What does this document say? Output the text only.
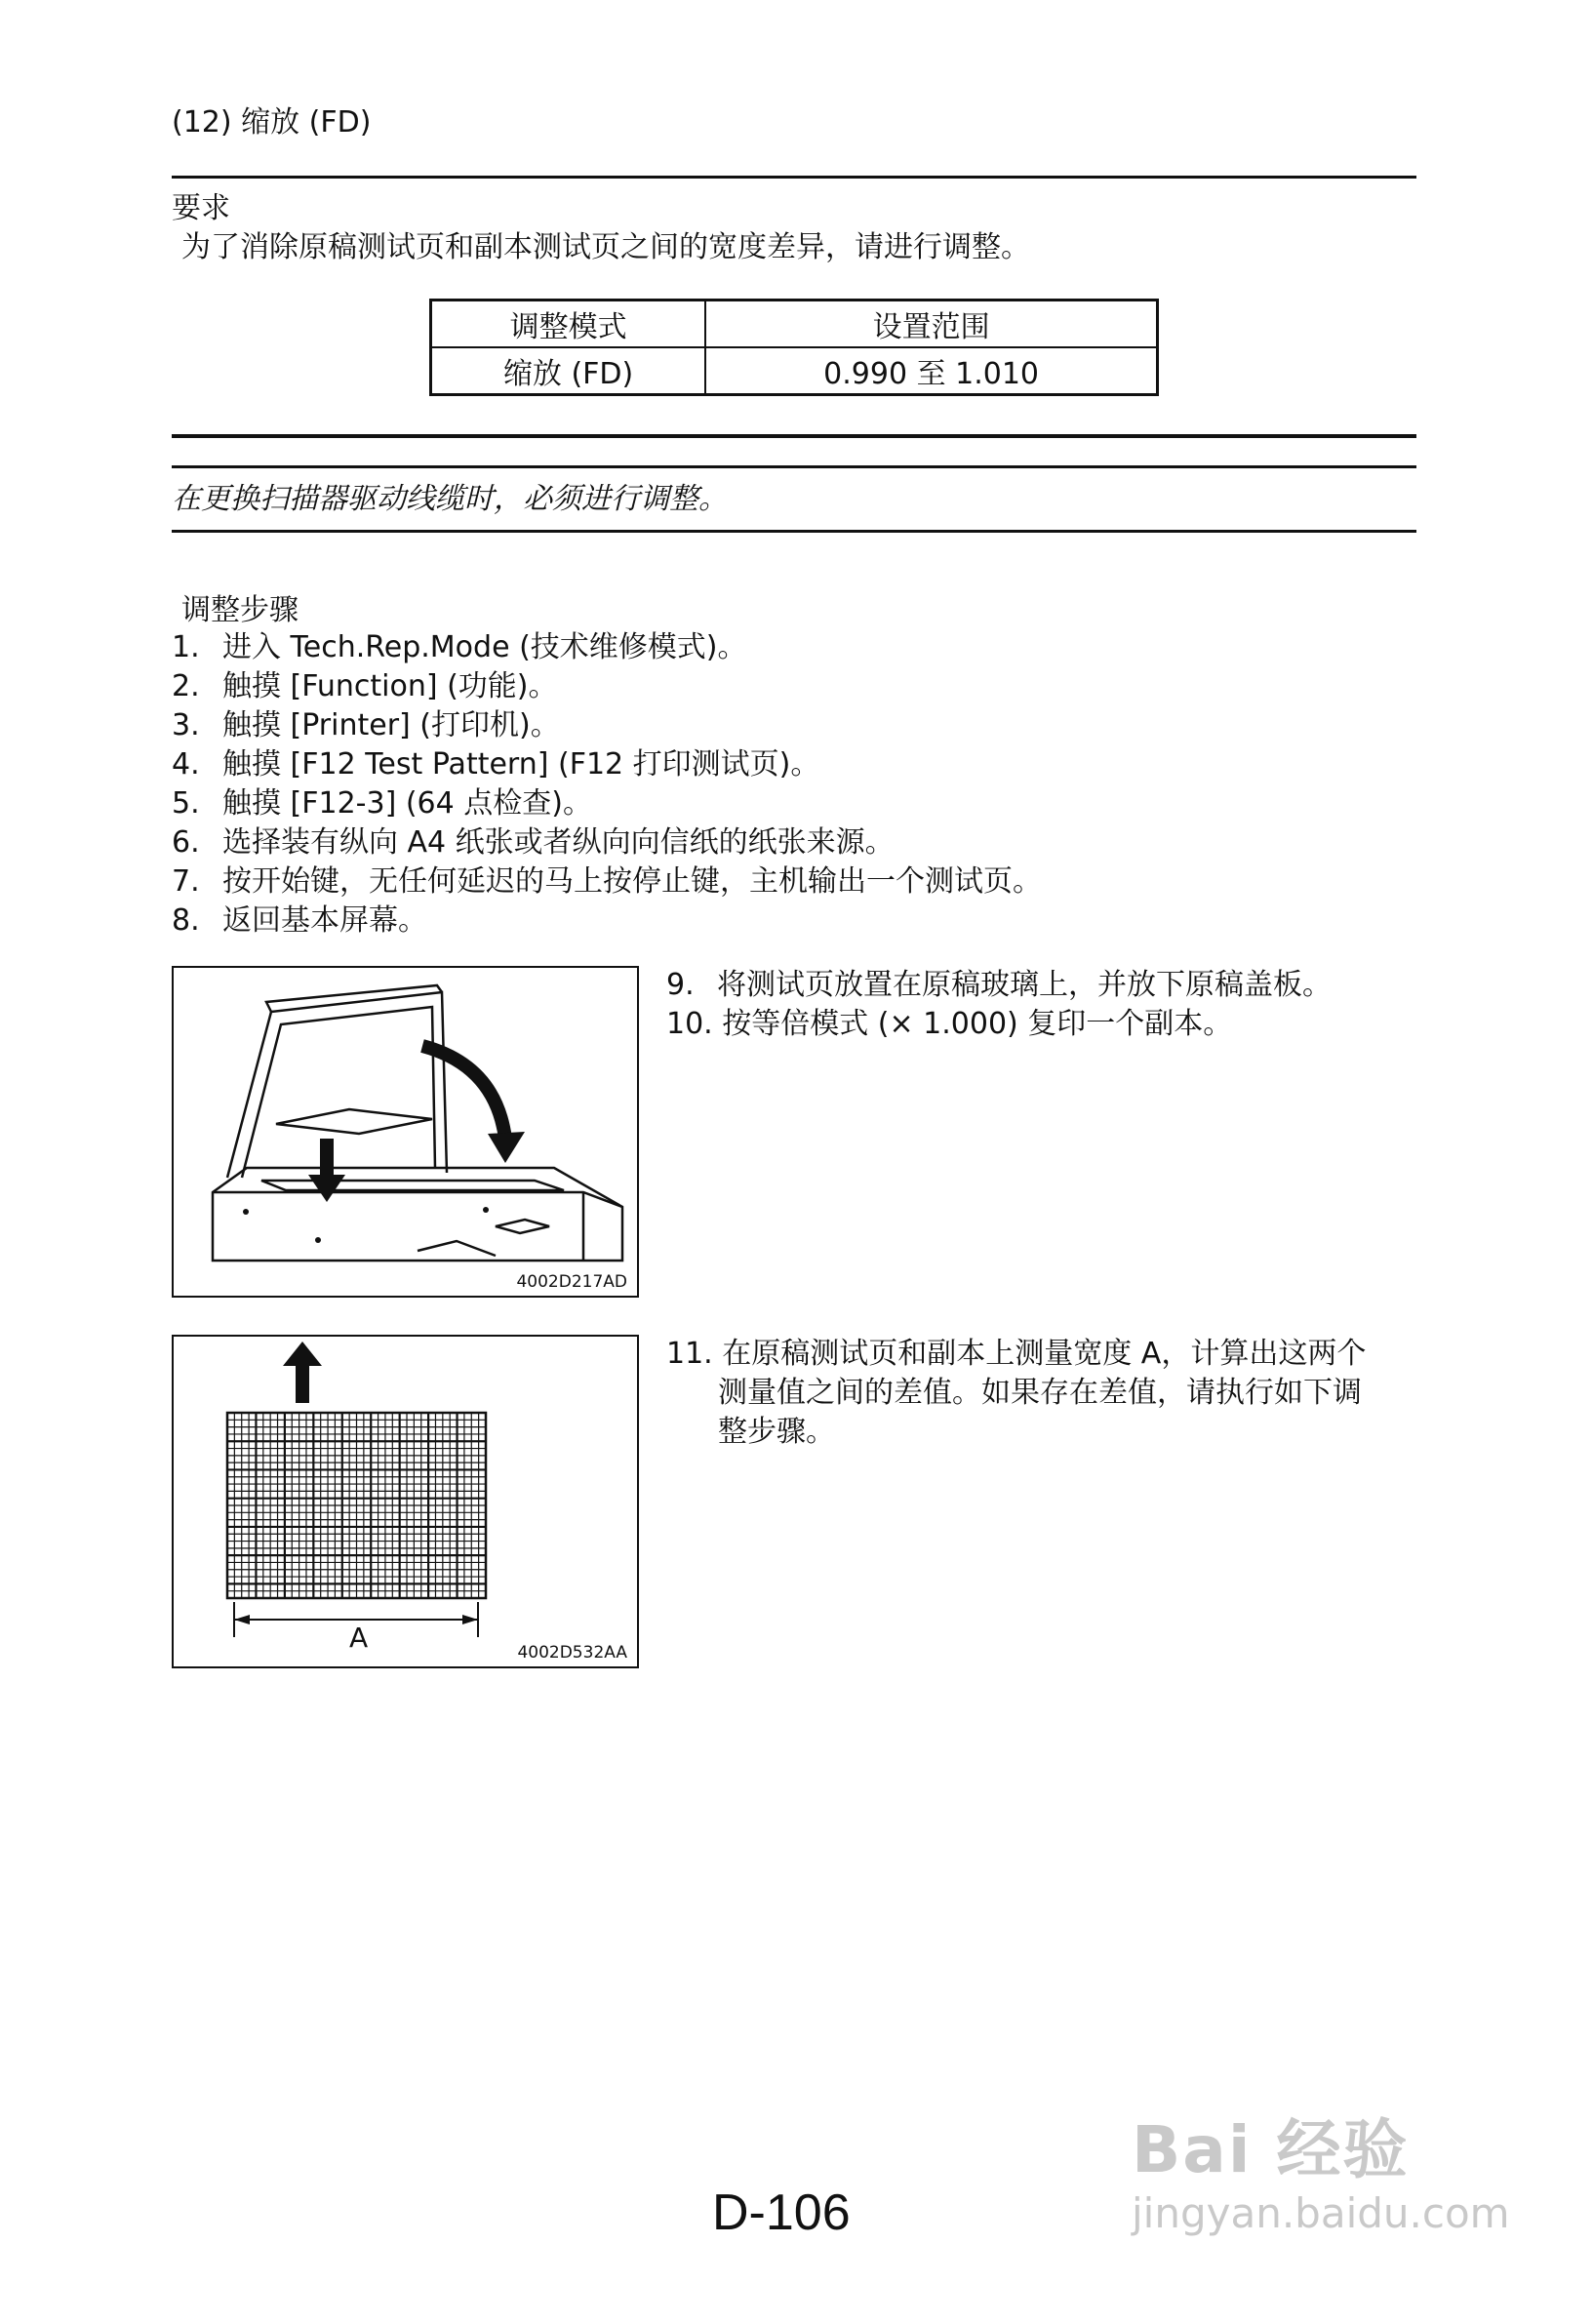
(12) 缩放 (FD)
要求
为了消除原稿测试页和副本测试页之间的宽度差异，请进行调整。
调整模式	设置范围
缩放 (FD)	0.990 至 1.010
在更换扫描器驱动线缆时，必须进行调整。
调整步骤
1. 进入 Tech.Rep.Mode (技术维修模式)。
2. 触摸 [Function] (功能)。
3. 触摸 [Printer] (打印机)。
4. 触摸 [F12 Test Pattern] (F12 打印测试页)。
5. 触摸 [F12-3] (64 点检查)。
6. 选择装有纵向 A4 纸张或者纵向向信纸的纸张来源。
7. 按开始键，无任何延迟的马上按停止键，主机输出一个测试页。
8. 返回基本屏幕。
4002D217AD
9. 将测试页放置在原稿玻璃上，并放下原稿盖板。
10. 按等倍模式 (× 1.000) 复印一个副本。
A	4002D532AA
11. 在原稿测试页和副本上测量宽度 A，计算出这两个
测量值之间的差值。如果存在差值，请执行如下调
整步骤。
Bai 经验
jingyan.baidu.com
D-106
